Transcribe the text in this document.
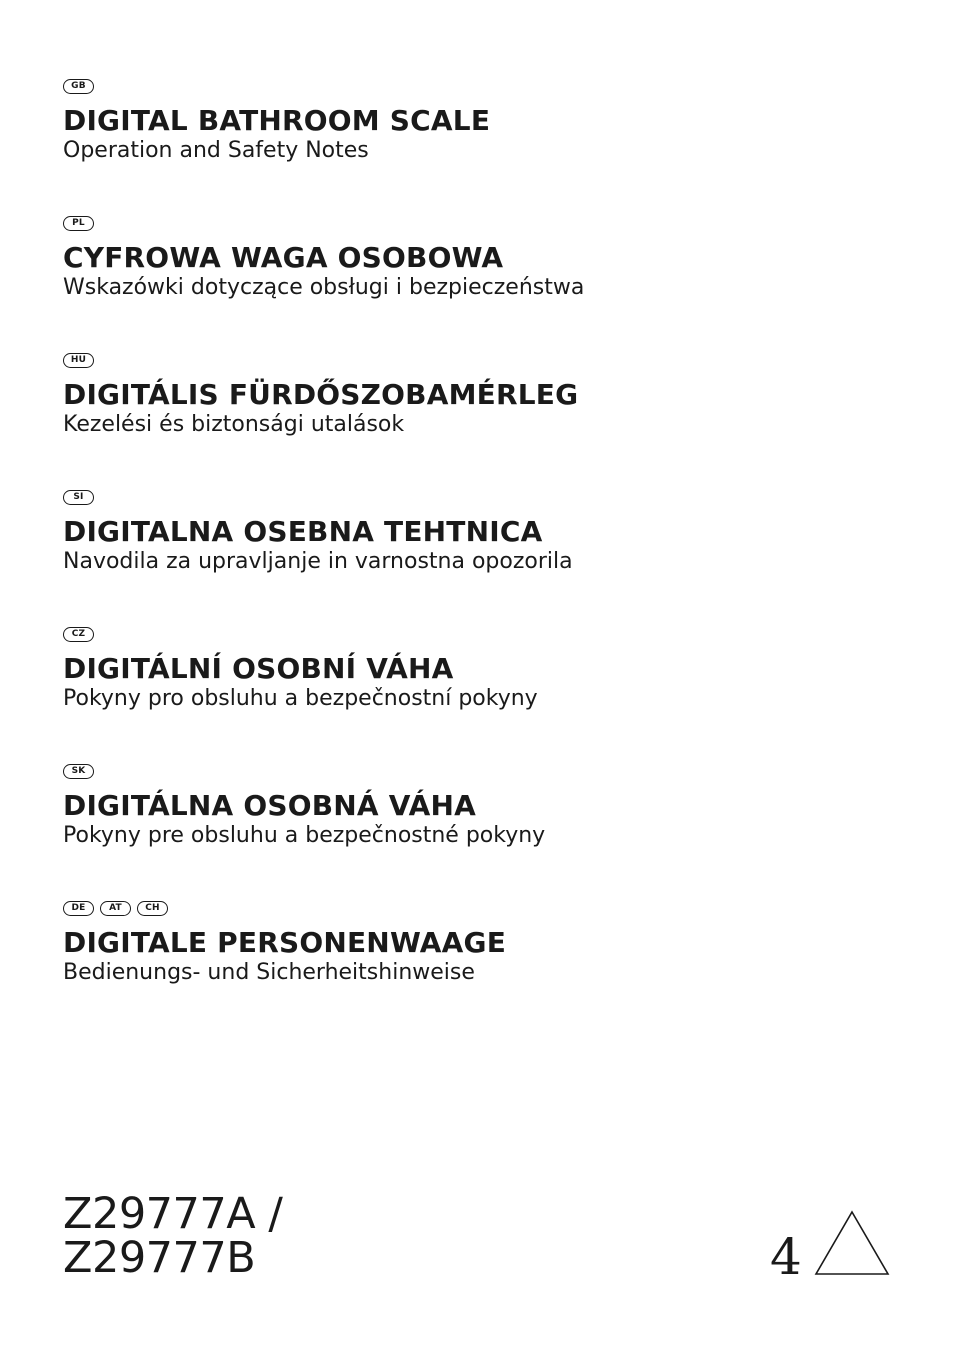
GB
DIGITAL BATHROOM SCALE
Operation and Safety Notes
PL
CYFROWA WAGA OSOBOWA
Wskazówki dotyczące obsługi i bezpieczeństwa
HU
DIGITÁLIS FÜRDŐSZOBAMÉRLEG
Kezelési és biztonsági utalások
SI
DIGITALNA OSEBNA TEHTNICA
Navodila za upravljanje in varnostna opozorila
CZ
DIGITÁLNÍ OSOBNÍ VÁHA
Pokyny pro obsluhu a bezpečnostní pokyny
SK
DIGITÁLNA OSOBNÁ VÁHA
Pokyny pre obsluhu a bezpečnostné pokyny
DE	AT	CH
DIGITALE PERSONENWAAGE
Bedienungs- und Sicherheitshinweise
Z29777A /
Z29777B	4
